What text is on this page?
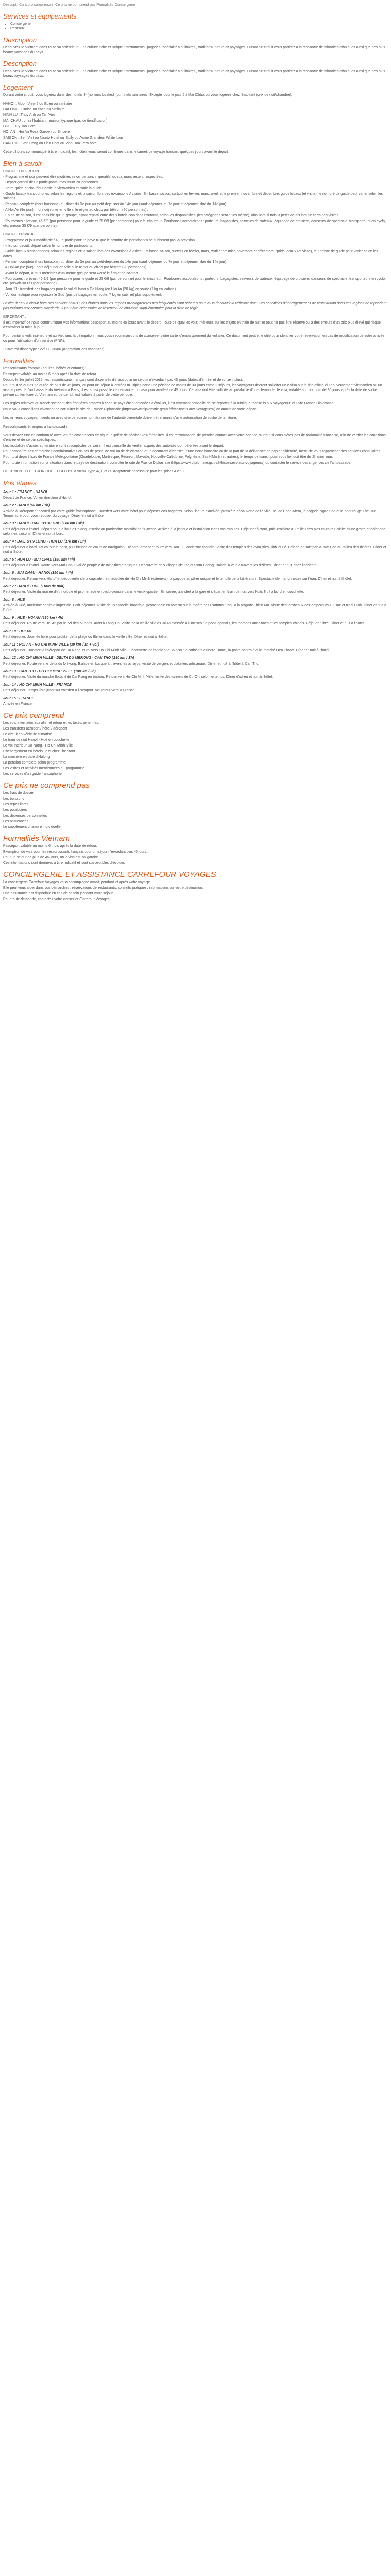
Descriptif Cu à pro comprendre: Ce prix ne comprend pas Formalités Conciergerie
Services et équipements
• Conciergerie
• Réseaux
Description

Découvrez le Vietnam dans toute sa splendeur. Une culture riche et unique : monuments, pagodes, spécialités culinaires, traditions, nature et paysages. Durant ce circuit vous partirez à la rencontre de minorités ethniques ainsi que des plus beaux paysages du pays.

Description

Découvrez le Vietnam dans toute sa splendeur. Une culture riche et unique : monuments, pagodes, spécialités culinaires, traditions, nature et paysages. Durant ce circuit vous partirez à la rencontre de minorités ethniques ainsi que des plus beaux paysages du pays.

Logement

Durant votre circuit, vous logerez dans des hôtels 3* (normes locales) (ou hôtels similaires. Excepté pour le jour 5 à Mai Châu, où vous logerez chez l'habitant (prix de nuit/chambre).

HANOI : Moon View 2 ou Eden ou similaire

HALONG : Cruise ou each ou similaire

NINH LU : Thuy Anh ou Tan Viet

MAI CHAU : chez l'habitant, maison typique (pas de tiendfication)

HUE : Duy Tan Hotel

HOI AN : Hoi An Rose Garden ou Sincere

SAIGON : Sen Viet ou Nicety Hotel ou Sicily ou Acme Grandeur White Lion

CAN THO : Van Cong ou Lien Phat ou Vinh Hoa Pera hotel

Cette d'hôtels communiqué à titre indicatif, les hôtels vous seront confirmés dans le carnet de voyage transmit quelques jours avant le départ.

Bien à savoir

CIRCUIT EN GROUPE

- Programme et jour peuvent être modifiés selon certains impératifs locaux, mais restent respectées.

- Départ garanti dès 2 participants, maximum 20 personnes.

- Votre guide et chauffeur parle le vietnamien et parle la guide.

- Guide locaux francophones selon les régions et la saison lors des excursions / visites. En basse saison, surtout en février, mars, avril, et le premier, novembre et décembre, guide locaux (et visite), le nombre de guide peut varier selon les saisons.

- Pension complète (hors boissons) du dîner du 1e jour au petit-déjeuner du 14e jour (sauf déjeuner du 7e jour et déjeuner libre du 14e jour).

- A Hoi An (9e jour) : hors déjeuner en ville si le régler au choix par bêtrom (20 personnes).

- En haute saison, il est possible qu'un groupe, ayant réparti entre deux hôtels non dans l'autocar, selon les disponibilités (les catégories seront les même), ainsi lors si trois 3 petits délais lors de certaines visites.

- Pourboires : prévoir, 45 €/9 (par personne pour le guide et 25 €/9 (par personne) pour le chauffeur. Pourboires accostations : porteurs, bagagistes, serveurs de bateaux, équipage de croisière, danseurs de spectacle, transporteurs en cyclo, etc. prévoir 30 €/9 (par personne).

CIRCUIT PRIVATIF

- Programme et jour modifiable / 4. Le participant ne paye ni que le nombre de participants ne subissent pas la prévision.

- Intro sur circuit, départ selon le nombre de participants.

- Guide locaux francophones selon les régions et la saison lors des excursions / visites. En basse saison, surtout en février, mars, avril et premier, novembre et décembre, guide locaux (et visite), le nombre de guide peut varier selon les dates.

- Pension complète (hors boissons) du dîner du 1e jour au petit-déjeuner du 14e jour (sauf déjeuner du 7e jour et déjeuner libre du 14e jour).

- A Hoi An (9e jour) : hors déjeuner en ville si le régler au choix par bêtrom (20 personnes).

- Avant le départ, à tous membres d'un même groupe sera versé le fichier de contact.

- Pourboires : prévoir, 45 €/9 (par personne pour le guide et 25 €/9 (par personne) pour le chauffeur. Pourboires accostations : porteurs, bagagistes, serveurs de bateaux, équipage de croisière, danseurs de spectacle, transporteurs en cyclo, etc. prévoir 30 €/9 (par personne).

- Jour 11 : transfert des bagages pour le vol d'Hanoi à Da Nang (en Hoi An (20 kg) en soute (7 kg en cabine).

- Vol domestique pour rejoindre le Sud (pas de bagages en soute, 7 kg en cabine) plus supplément.

Le circuit est un circuit hors des sentiers battus : des étapes dans les régions montagneuses peu fréquentés sont prévues pour vous découvrir la véritable âme. Les conditions d'hébergement et de restauration dans ces régions ne répondent pas toujours aux normes standards. Il peut être nécessaire de réserver une chambre supplémentaire pour la date de règle.

IMPORTANT :

Il est impératif de nous communiquer vos informations passeport au moins 45 jours avant le départ. Toute de quai les vols intérieurs sur les trajets en train de nuit et peut ne pas être réservé ou à des erreurs d'un prix plus élevé qui risque d'entraîner la mise à jour.

Pour certains vols intérieurs et au Vietnam, la dérogation, nous vous recommandons de conserver votre carte d'embarquement du vol aller. Ce document peut être utile pour identifier votre réservation en cas de modification de votre arrivée ou pour l'utilisation d'un service (PNR).

- Covered dinnertype : 22/03 - 30/06 (adaptation des vacances)

Formalités

Ressortissants français (adultes, bébés et enfants) :

Passeport valable au moins 6 mois après la date de retour.

Depuis le 1er juillet 2015, les ressortissants français sont dispensés de visa pour un séjour n'excédant pas 45 jours (dates d'entrée et de sortie inclus).

Pour tout séjour d'une durée de plus de 45 jours, ou pour un séjour à entrées multiples dans une période de moins de 30 jours entre 2 séjours, les voyageurs devront solliciter un e-visa sur le site officiel du gouvernement vietnamien ou un visa auprès de l'ambassade du Vietnam à Paris, il est aussi possible de demander un visa pour au-delà de 45 jours. Ce visa doit être sollicité au préalable d'une demande de visa, valable au minimum de 30 jours après la date de sortie prévue du territoire du Vietnam et, de ce fait, est valable à partir de cette période.

Les règles relatives au franchissement des frontières propres à chaque pays étant amenées à évoluer, il est vivement conseillé de se reporter à la rubrique "conseils aux voyageurs" du site France Diplomatie.

Nous vous conseillons vivement de consulter le site de France Diplomatie (https://www.diplomatie.gouv.fr/fr/conseils-aux-voyageurs/) en amont de votre départ.

Les mineurs voyageant seuls ou avec une personne non titulaire de l'autorité parentale doivent être munis d'une autorisation de sortie de territoire.

Ressortissants étrangers à l'ambassade.

Vous devrez être en conformité avec les réglementations en vigueur, prière de réaliser vos formalités. Il est recommandé de prendre contact avec votre agence, surtout si vous n'êtes pas de nationalité française, afin de vérifier les conditions d'entrée et de séjour spécifiques.

Les modalités d'accès au territoire sont susceptibles de varier. Il est conseillé de vérifier auprès des autorités compétentes avant le départ.

Pour connaître ses démarches administratives en cas de perte, de vol ou de déclaration d'un document d'identité, d'une carte bancaire ou de la part de la délivrance de papier d'identité, merci de vous rapprocher des services consulaires.

Pour tout départ hors de France Métropolitaine (Guadeloupe, Martinique, Réunion, Mayotte, Nouvelle-Calédonie, Polynésie, Saint-Martin et autres), le temps de transit pour vous lier doit être de 2h minimum.

Pour toute information sur la situation dans le pays de destination, consulter le site de France Diplomatie (https://www.diplomatie.gouv.fr/fr/conseils-aux-voyageurs/) ou contacter le service des urgences de l'ambassade.

DOCUMENT ÉLECTRONIQUE : 1 GO (150 à 90%). Type A, C et D. Adaptateur nécessaire pour les prises A et C.

Vos étapes

Jour 1 : FRANCE - HANOÏ

Départ de France. Vol en direction d'Hanoï.

Jour 2 : HANOÏ (60 km / 1h)

Arrivée à l'aéroport et accueil par votre guide francophone. Transfert vers votre hôtel pour déposer vos bagages. Selon l'heure d'arrivée, première découverte de la ville : le lac Hoan Kiem, la pagode Ngoc Son et le pont rouge The Huc. Temps libre pour vous reposer du voyage. Dîner et nuit à l'hôtel.

Jour 3 : HANOÏ - BAIE D'HALONG (180 km / 3h)

Petit déjeuner à l'hôtel. Départ pour la baie d'Halong, inscrite au patrimoine mondial de l'Unesco. Arrivée à la jonque et installation dans vos cabines. Déjeuner à bord, puis croisière au milieu des pics calcaires, visite d'une grotte et baignade selon les saisons. Dîner et nuit à bord.

Jour 4 : BAIE D'HALONG - HOA LU (170 km / 3h)

Petit déjeuner à bord. Tai chi sur le pont, puis brunch en cours de navigation. Débarquement et route vers Hoa Lu, ancienne capitale. Visite des temples des dynasties Dinh et Lê. Balade en sampan à Tam Coc au milieu des rizières. Dîner et nuit à l'hôtel.

Jour 5 : HOA LU - MAI CHAU (150 km / 4h)

Petit déjeuner à l'hôtel. Route vers Mai Chau, vallée peuplée de minorités ethniques. Découverte des villages de Lac et Pom Coong. Balade à vélo à travers les rizières. Dîner et nuit chez l'habitant.

Jour 6 : MAI CHAU - HANOÏ (150 km / 4h)

Petit déjeuner. Retour vers Hanoï et découverte de la capitale : le mausolée de Ho Chi Minh (extérieur), la pagode au pilier unique et le temple de la Littérature. Spectacle de marionnettes sur l'eau. Dîner et nuit à l'hôtel.

Jour 7 : HANOÏ - HUE (Train de nuit)

Petit déjeuner. Visite du musée d'ethnologie et promenade en cyclo-pousse dans le vieux quartier. En soirée, transfert à la gare et départ en train de nuit vers Hué. Nuit à bord en couchette.

Jour 8 : HUE

Arrivée à Hué, ancienne capitale impériale. Petit déjeuner. Visite de la citadelle impériale, promenade en bateau sur la rivière des Parfums jusqu'à la pagode Thien Mu. Visite des tombeaux des empereurs Tu Duc et Khai Dinh. Dîner et nuit à l'hôtel.

Jour 9 : HUE - HOI AN (130 km / 4h)

Petit déjeuner. Route vers Hoi An par le col des Nuages. Arrêt à Lang Co. Visite de la vieille ville d'Hoi An classée à l'Unesco : le pont japonais, les maisons anciennes et les temples chinois. Déjeuner libre. Dîner et nuit à l'hôtel.

Jour 10 : HOI AN

Petit déjeuner. Journée libre pour profiter de la plage ou flâner dans la vieille ville. Dîner et nuit à l'hôtel.

Jour 11 : HOI AN - HO CHI MINH VILLE (30 km / 1h + vol)

Petit déjeuner. Transfert à l'aéroport de Da Nang et vol vers Ho Chi Minh Ville. Découverte de l'ancienne Saigon : la cathédrale Notre-Dame, la poste centrale et le marché Ben Thanh. Dîner et nuit à l'hôtel.

Jour 12 : HO CHI MINH VILLE - DELTA DU MEKONG - CAN THO (180 km / 3h)

Petit déjeuner. Route vers le delta du Mékong. Balade en barque à travers les arroyos, visite de vergers et d'ateliers artisanaux. Dîner et nuit à l'hôtel à Can Tho.

Jour 13 : CAN THO - HO CHI MINH VILLE (180 km / 3h)

Petit déjeuner. Visite du marché flottant de Cai Rang en bateau. Retour vers Ho Chi Minh Ville, visite des tunnels de Cu Chi selon le temps. Dîner d'adieu et nuit à l'hôtel.

Jour 14 : HO CHI MINH VILLE - FRANCE

Petit déjeuner. Temps libre jusqu'au transfert à l'aéroport. Vol retour vers la France.

Jour 15 : FRANCE

Arrivée en France.

Ce prix comprend

Les vols internationaux aller et retour et les taxes aériennes

Les transferts aéroport / hôtel / aéroport

Le circuit en véhicule climatisé

Le train de nuit Hanoï - Hué en couchette

Le vol intérieur Da Nang - Ho Chi Minh Ville

L'hébergement en hôtels 3* et chez l'habitant

La croisière en baie d'Halong

La pension complète selon programme

Les visites et activités mentionnées au programme

Les services d'un guide francophone

Ce prix ne comprend pas

Les frais de dossier

Les boissons

Les repas libres

Les pourboires

Les dépenses personnelles

Les assurances

Le supplément chambre individuelle

Formalités Vietnam

Passeport valable au moins 6 mois après la date de retour.

Exemption de visa pour les ressortissants français pour un séjour n'excédant pas 45 jours.

Pour un séjour de plus de 45 jours, un e-visa est obligatoire.

Ces informations sont données à titre indicatif et sont susceptibles d'évoluer.

CONCIERGERIE ET ASSISTANCE CARREFOUR VOYAGES

La conciergerie Carrefour Voyages vous accompagne avant, pendant et après votre voyage.

Elle peut vous aider dans vos démarches : réservations de restaurants, conseils pratiques, informations sur votre destination.

Une assistance est disponible en cas de besoin pendant votre séjour.

Pour toute demande, contactez votre conseiller Carrefour Voyages.
